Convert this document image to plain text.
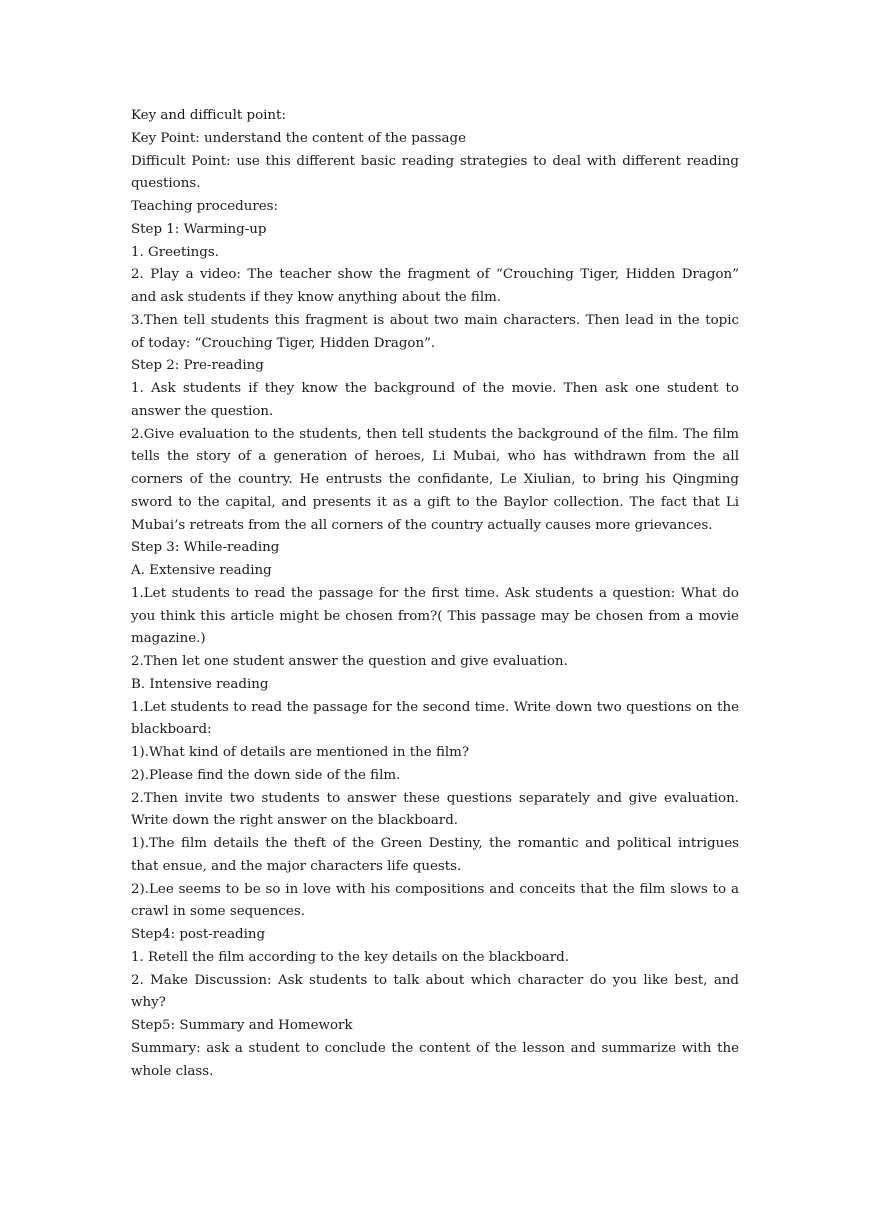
Key and difficult point:

Key Point: understand the content of the passage

Difficult Point: use this different basic reading strategies to deal with different reading questions.

Teaching procedures:

Step 1: Warming-up

1. Greetings.

2. Play a video: The teacher show the fragment of “Crouching Tiger, Hidden Dragon” and ask students if they know anything about the film.

3.Then tell students this fragment is about two main characters. Then lead in the topic of today: “Crouching Tiger, Hidden Dragon”.

Step 2: Pre-reading

1. Ask students if they know the background of the movie. Then ask one student to answer the question.

2.Give evaluation to the students, then tell students the background of the film. The film tells the story of a generation of heroes, Li Mubai, who has withdrawn from the all corners of the country. He entrusts the confidante, Le Xiulian, to bring his Qingming sword to the capital, and presents it as a gift to the Baylor collection. The fact that Li Mubai’s retreats from the all corners of the country actually causes more grievances.

Step 3: While-reading

A. Extensive reading

1.Let students to read the passage for the first time. Ask students a question: What do you think this article might be chosen from?( This passage may be chosen from a movie magazine.)

2.Then let one student answer the question and give evaluation.

B. Intensive reading

1.Let students to read the passage for the second time. Write down two questions on the blackboard:

1).What kind of details are mentioned in the film?

2).Please find the down side of the film.

2.Then invite two students to answer these questions separately and give evaluation. Write down the right answer on the blackboard.

1).The film details the theft of the Green Destiny, the romantic and political intrigues that ensue, and the major characters life quests.

2).Lee seems to be so in love with his compositions and conceits that the film slows to a crawl in some sequences.

Step4: post-reading

1. Retell the film according to the key details on the blackboard.

2. Make Discussion: Ask students to talk about which character do you like best, and why?

Step5: Summary and Homework

Summary: ask a student to conclude the content of the lesson and summarize with the whole class.
